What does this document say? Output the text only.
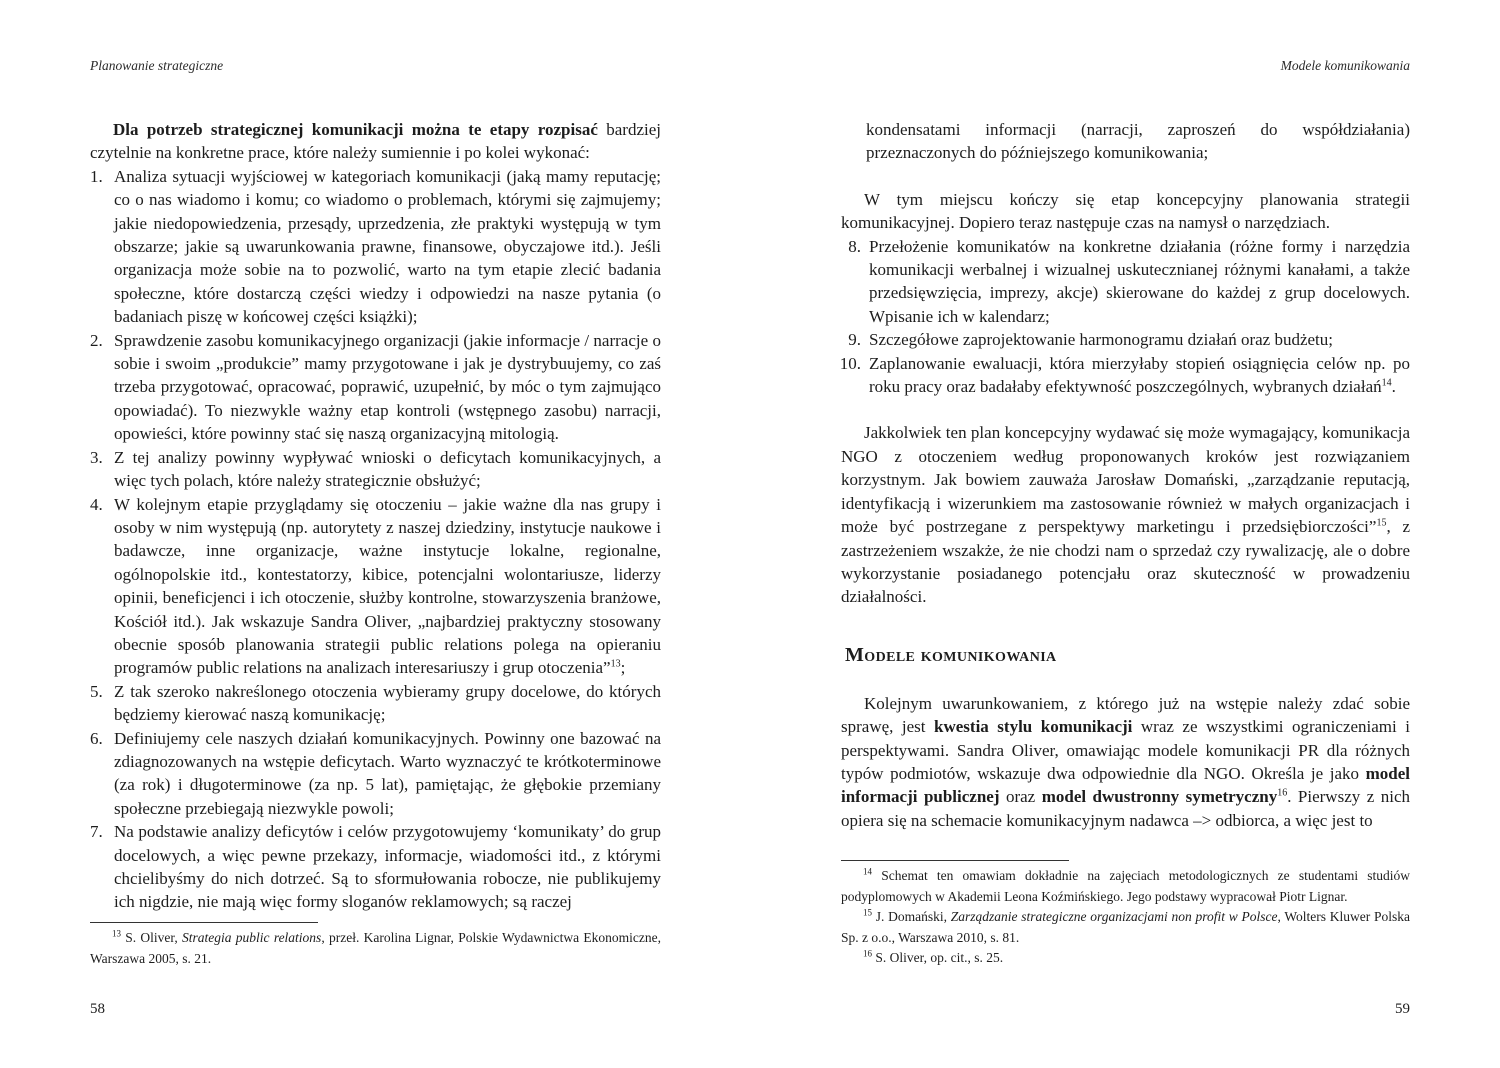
Planowanie strategiczne

Dla potrzeb strategicznej komunikacji można te etapy rozpisać bardziej czytelnie na konkretne prace, które należy sumiennie i po kolei wykonać:

1. Analiza sytuacji wyjściowej w kategoriach komunikacji (jaką mamy reputację; co o nas wiadomo i komu; co wiadomo o problemach, którymi się zajmujemy; jakie niedopowiedzenia, przesądy, uprzedzenia, złe praktyki występują w tym obszarze; jakie są uwarunkowania prawne, finansowe, obyczajowe itd.). Jeśli organizacja może sobie na to pozwolić, warto na tym etapie zlecić badania społeczne, które dostarczą części wiedzy i odpowiedzi na nasze pytania (o badaniach piszę w końcowej części książki);
2. Sprawdzenie zasobu komunikacyjnego organizacji (jakie informacje / narracje o sobie i swoim „produkcie” mamy przygotowane i jak je dystrybuujemy, co zaś trzeba przygotować, opracować, poprawić, uzupełnić, by móc o tym zajmująco opowiadać). To niezwykle ważny etap kontroli (wstępnego zasobu) narracji, opowieści, które powinny stać się naszą organizacyjną mitologią.
3. Z tej analizy powinny wypływać wnioski o deficytach komunikacyjnych, a więc tych polach, które należy strategicznie obsłużyć;
4. W kolejnym etapie przyglądamy się otoczeniu – jakie ważne dla nas grupy i osoby w nim występują (np. autorytety z naszej dziedziny, instytucje naukowe i badawcze, inne organizacje, ważne instytucje lokalne, regionalne, ogólnopolskie itd., kontestatorzy, kibice, potencjalni wolontariusze, liderzy opinii, beneficjenci i ich otoczenie, służby kontrolne, stowarzyszenia branżowe, Kościół itd.). Jak wskazuje Sandra Oliver, „najbardziej praktyczny stosowany obecnie sposób planowania strategii public relations polega na opieraniu programów public relations na analizach interesariuszy i grup otoczenia”$^{13}$;
5. Z tak szeroko nakreślonego otoczenia wybieramy grupy docelowe, do których będziemy kierować naszą komunikację;
6. Definiujemy cele naszych działań komunikacyjnych. Powinny one bazować na zdiagnozowanych na wstępie deficytach. Warto wyznaczyć te krótkoterminowe (za rok) i długoterminowe (za np. 5 lat), pamiętając, że głębokie przemiany społeczne przebiegają niezwykle powoli;
7. Na podstawie analizy deficytów i celów przygotowujemy ‘komunikaty’ do grup docelowych, a więc pewne przekazy, informacje, wiadomości itd., z którymi chcielibyśmy do nich dotrzeć. Są to sformułowania robocze, nie publikujemy ich nigdzie, nie mają więc formy sloganów reklamowych; są raczej

$^{13}$ S. Oliver, Strategia public relations, przeł. Karolina Lignar, Polskie Wydawnictwa Ekonomiczne, Warszawa 2005, s. 21.

58
Modele komunikowania

kondensatami informacji (narracji, zaproszeń do współdziałania) przeznaczonych do późniejszego komunikowania;

W tym miejscu kończy się etap koncepcyjny planowania strategii komunikacyjnej. Dopiero teraz następuje czas na namysł o narzędziach.

8. Przełożenie komunikatów na konkretne działania (różne formy i narzędzia komunikacji werbalnej i wizualnej uskutecznianej różnymi kanałami, a także przedsięwzięcia, imprezy, akcje) skierowane do każdej z grup docelowych. Wpisanie ich w kalendarz;
9. Szczegółowe zaprojektowanie harmonogramu działań oraz budżetu;
10. Zaplanowanie ewaluacji, która mierzyłaby stopień osiągnięcia celów np. po roku pracy oraz badałaby efektywność poszczególnych, wybranych działań$^{14}$.

Jakkolwiek ten plan koncepcyjny wydawać się może wymagający, komunikacja NGO z otoczeniem według proponowanych kroków jest rozwiązaniem korzystnym. Jak bowiem zauważa Jarosław Domański, „zarządzanie reputacją, identyfikacją i wizerunkiem ma zastosowanie również w małych organizacjach i może być postrzegane z perspektywy marketingu i przedsiębiorczości”$^{15}$, z zastrzeżeniem wszakże, że nie chodzi nam o sprzedaż czy rywalizację, ale o dobre wykorzystanie posiadanego potencjału oraz skuteczność w prowadzeniu działalności.

Modele komunikowania

Kolejnym uwarunkowaniem, z którego już na wstępie należy zdać sobie sprawę, jest kwestia stylu komunikacji wraz ze wszystkimi ograniczeniami i perspektywami. Sandra Oliver, omawiając modele komunikacji PR dla różnych typów podmiotów, wskazuje dwa odpowiednie dla NGO. Określa je jako model informacji publicznej oraz model dwustronny symetryczny$^{16}$. Pierwszy z nich opiera się na schemacie komunikacyjnym nadawca –> odbiorca, a więc jest to

$^{14}$ Schemat ten omawiam dokładnie na zajęciach metodologicznych ze studentami studiów podyplomowych w Akademii Leona Koźmińskiego. Jego podstawy wypracował Piotr Lignar.

$^{15}$ J. Domański, Zarządzanie strategiczne organizacjami non profit w Polsce, Wolters Kluwer Polska Sp. z o.o., Warszawa 2010, s. 81.

$^{16}$ S. Oliver, op. cit., s. 25.

59
